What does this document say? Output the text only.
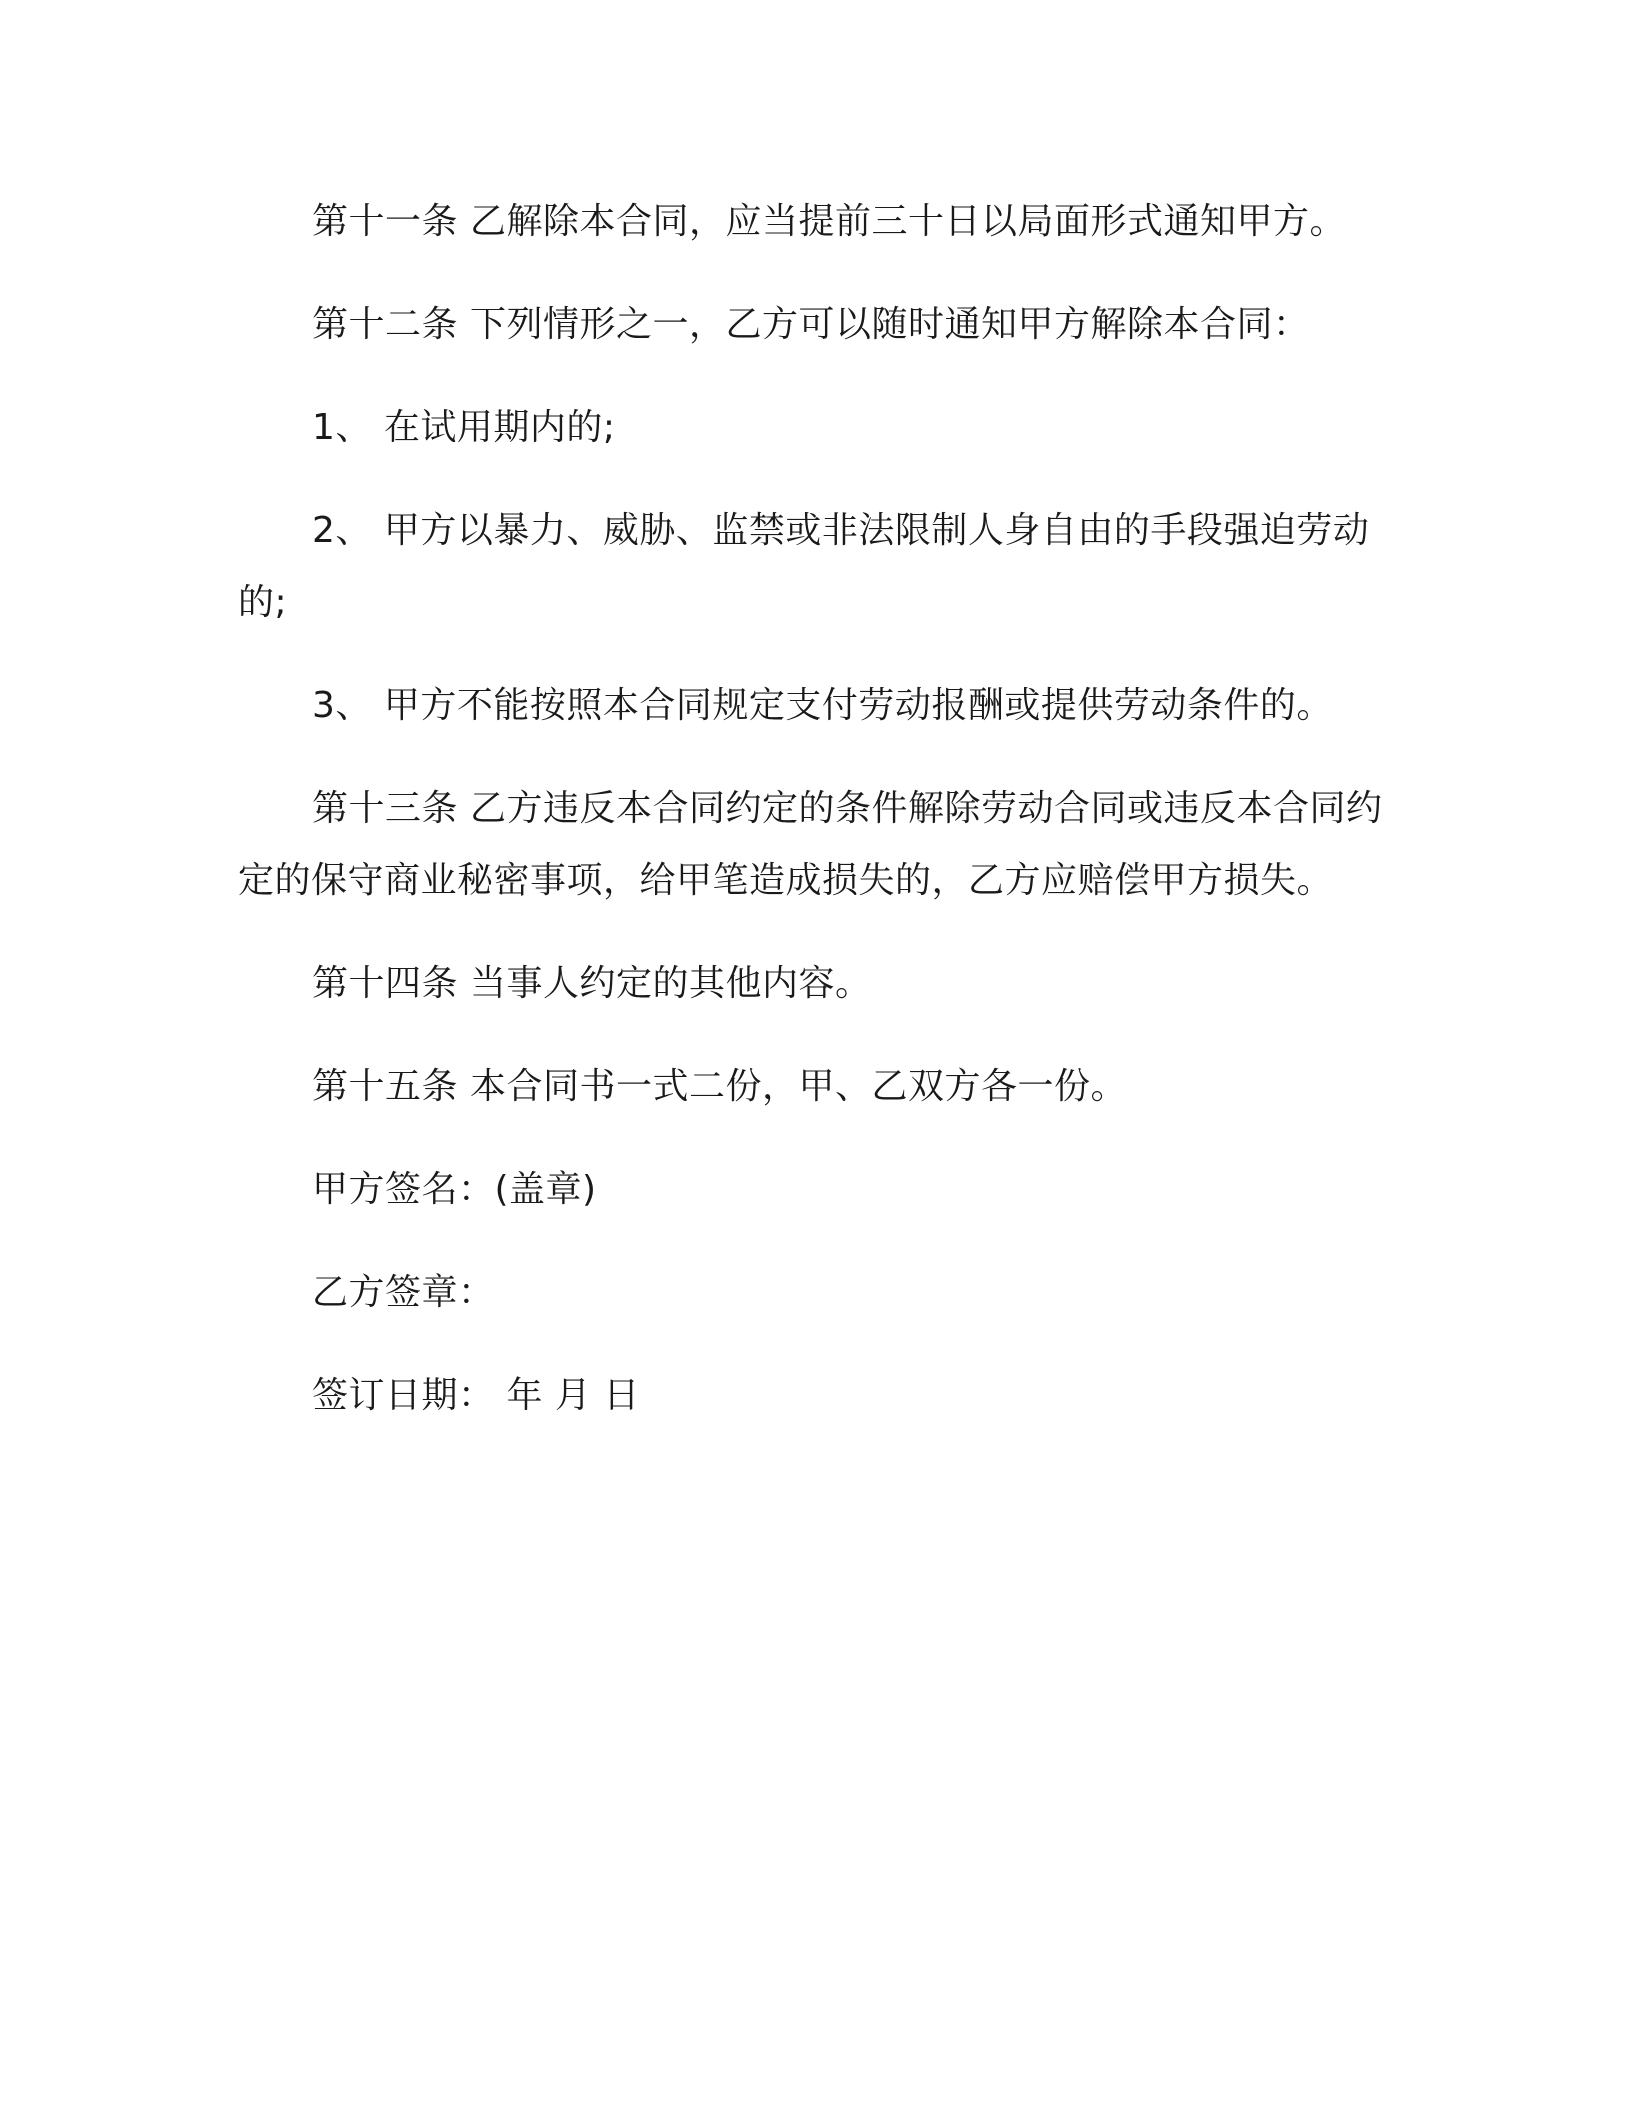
第十一条 乙解除本合同，应当提前三十日以局面形式通知甲方。

第十二条 下列情形之一，乙方可以随时通知甲方解除本合同：

1、 在试用期内的;

2、 甲方以暴力、威胁、监禁或非法限制人身自由的手段强迫劳动的;

3、 甲方不能按照本合同规定支付劳动报酬或提供劳动条件的。

第十三条 乙方违反本合同约定的条件解除劳动合同或违反本合同约定的保守商业秘密事项，给甲笔造成损失的，乙方应赔偿甲方损失。

第十四条 当事人约定的其他内容。

第十五条 本合同书一式二份，甲、乙双方各一份。

甲方签名：(盖章)

乙方签章：

签订日期： 年 月 日
